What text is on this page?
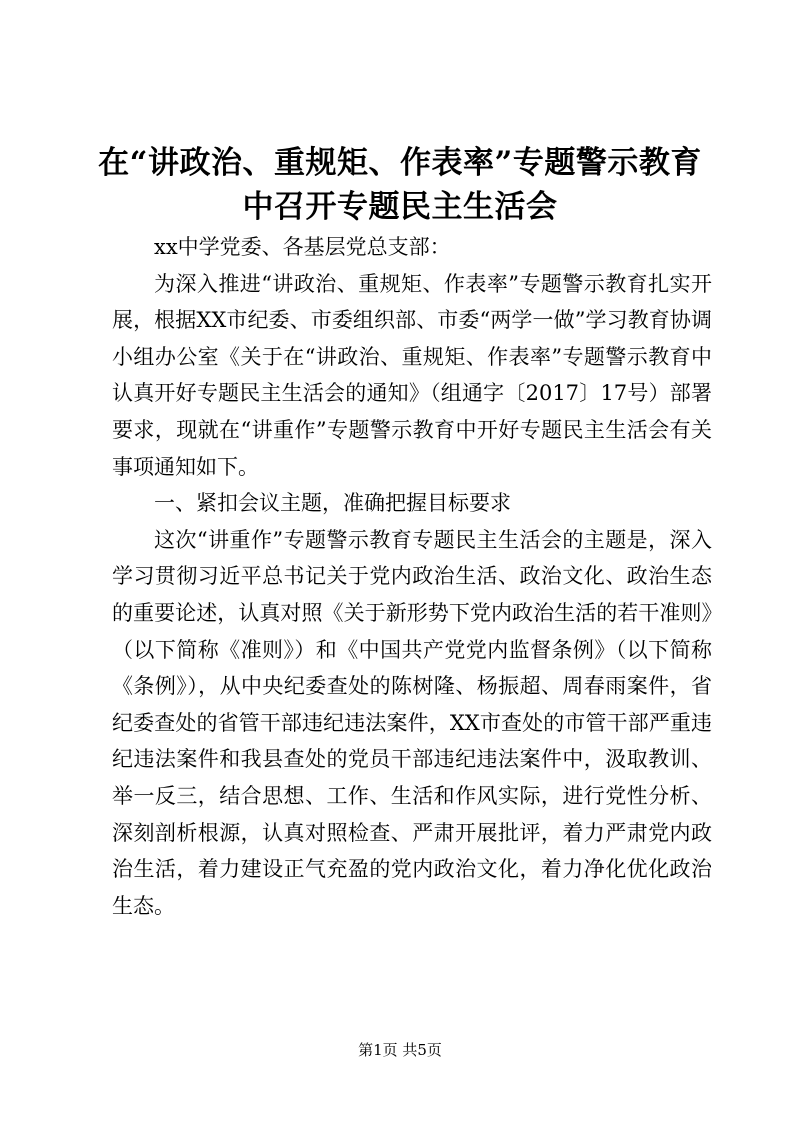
在“讲政治、重规矩、作表率”专题警示教育
中召开专题民主生活会

xx中学党委、各基层党总支部：

为深入推进“讲政治、重规矩、作表率”专题警示教育扎实开展，根据XX市纪委、市委组织部、市委“两学一做”学习教育协调小组办公室《关于在“讲政治、重规矩、作表率”专题警示教育中认真开好专题民主生活会的通知》（组通字〔2017〕17号）部署要求，现就在“讲重作”专题警示教育中开好专题民主生活会有关事项通知如下。

一、紧扣会议主题，准确把握目标要求

这次“讲重作”专题警示教育专题民主生活会的主题是，深入学习贯彻习近平总书记关于党内政治生活、政治文化、政治生态的重要论述，认真对照《关于新形势下党内政治生活的若干准则》（以下简称《准则》）和《中国共产党党内监督条例》（以下简称《条例》），从中央纪委查处的陈树隆、杨振超、周春雨案件，省纪委查处的省管干部违纪违法案件，XX市查处的市管干部严重违纪违法案件和我县查处的党员干部违纪违法案件中，汲取教训、举一反三，结合思想、工作、生活和作风实际，进行党性分析、深刻剖析根源，认真对照检查、严肃开展批评，着力严肃党内政治生活，着力建设正气充盈的党内政治文化，着力净化优化政治生态。

第1页 共5页
